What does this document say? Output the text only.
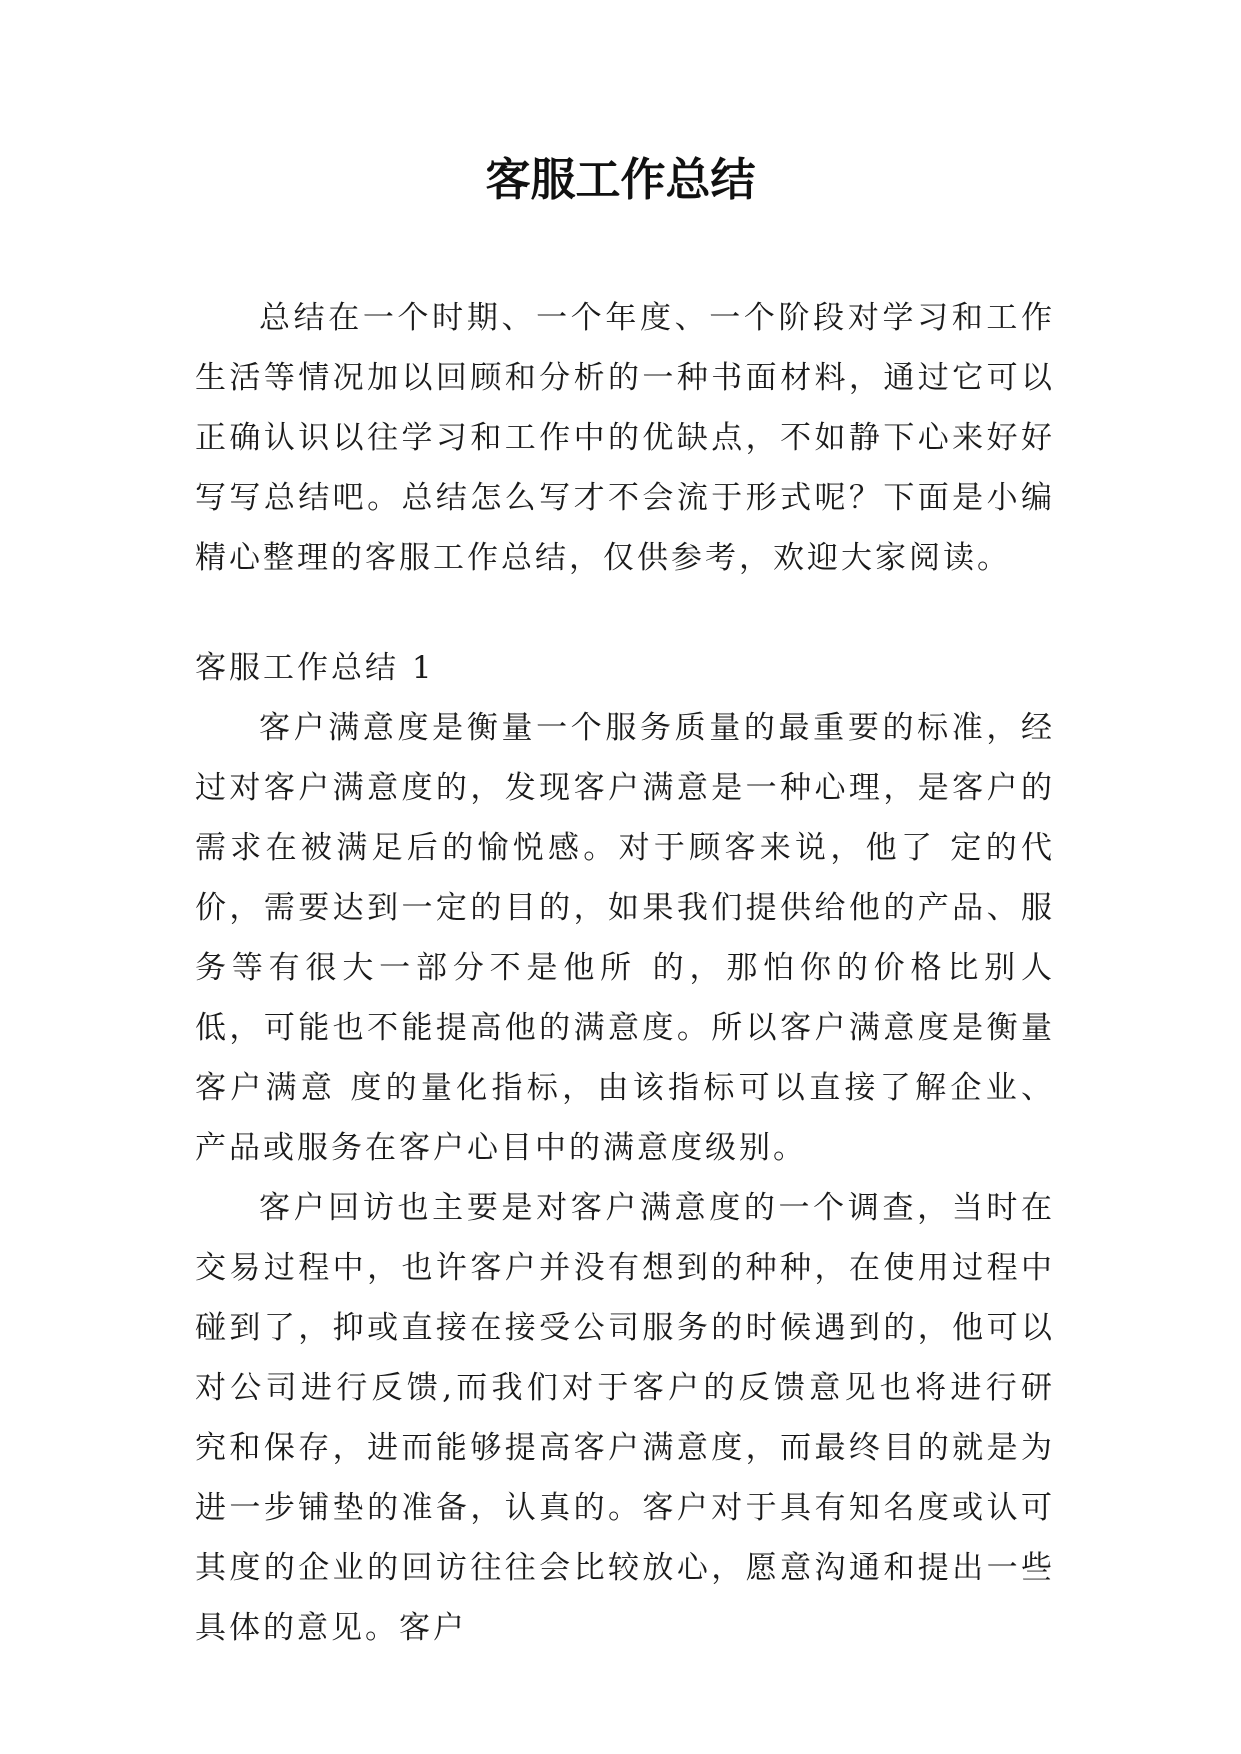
客服工作总结

总结在一个时期、一个年度、一个阶段对学习和工作生活等情况加以回顾和分析的一种书面材料，通过它可以正确认识以往学习和工作中的优缺点，不如静下心来好好写写总结吧。总结怎么写才不会流于形式呢？下面是小编精心整理的客服工作总结，仅供参考，欢迎大家阅读。

客服工作总结 1

客户满意度是衡量一个服务质量的最重要的标准，经过对客户满意度的，发现客户满意是一种心理，是客户的需求在被满足后的愉悦感。对于顾客来说，他了 定的代价，需要达到一定的目的，如果我们提供给他的产品、服务等有很大一部分不是他所 的，那怕你的价格比别人低，可能也不能提高他的满意度。所以客户满意度是衡量客户满意 度的量化指标，由该指标可以直接了解企业、产品或服务在客户心目中的满意度级别。

客户回访也主要是对客户满意度的一个调查，当时在交易过程中，也许客户并没有想到的种种，在使用过程中碰到了，抑或直接在接受公司服务的时候遇到的，他可以对公司进行反馈,而我们对于客户的反馈意见也将进行研究和保存，进而能够提高客户满意度，而最终目的就是为进一步铺垫的准备，认真的。客户对于具有知名度或认可其度的企业的回访往往会比较放心，愿意沟通和提出一些具体的意见。客户
